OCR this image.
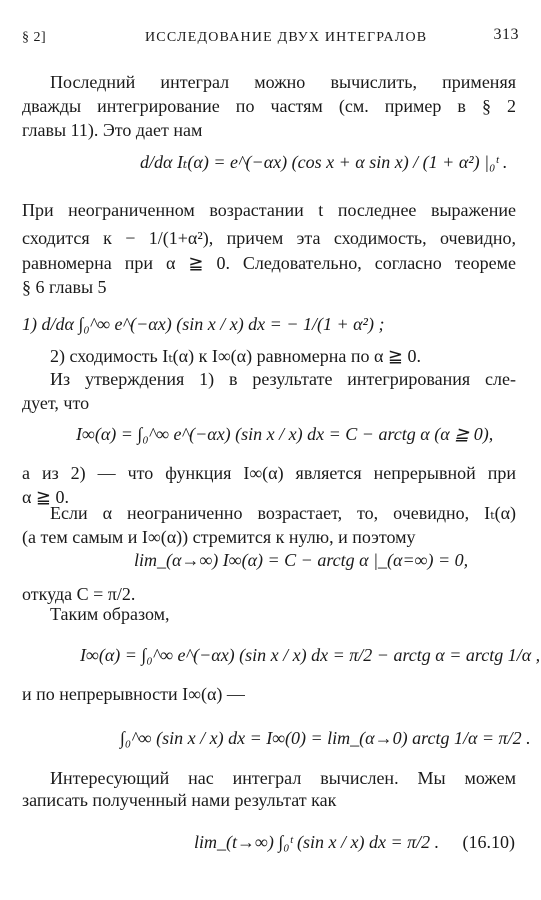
§ 2]	ИССЛЕДОВАНИЕ ДВУХ ИНТЕГРАЛОВ	313
Последний интеграл можно вычислить, применяя
дважды интегрирование по частям (см. пример в § 2
главы 11). Это дает нам
d/dα Iₜ(α) = e^(−αx) (cos x + α sin x) / (1 + α²) |₀ᵗ .
При неограниченном возрастании t последнее выражение
сходится к − 1/(1+α²), причем эта сходимость, очевидно,
равномерна при α ≧ 0. Следовательно, согласно теореме
§ 6 главы 5
1) d/dα ∫₀^∞ e^(−αx) (sin x / x) dx = − 1/(1 + α²) ;
2) сходимость Iₜ(α) к I∞(α) равномерна по α ≧ 0.
Из утверждения 1) в результате интегрирования сле-
дует, что
I∞(α) = ∫₀^∞ e^(−αx) (sin x / x) dx = C − arctg α (α ≧ 0),
а из 2) — что функция I∞(α) является непрерывной при
α ≧ 0.
Если α неограниченно возрастает, то, очевидно, Iₜ(α)
(а тем самым и I∞(α)) стремится к нулю, и поэтому
lim_(α→∞) I∞(α) = C − arctg α |_(α=∞) = 0,
откуда C = π/2.
Таким образом,
I∞(α) = ∫₀^∞ e^(−αx) (sin x / x) dx = π/2 − arctg α = arctg 1/α ,
и по непрерывности I∞(α) —
∫₀^∞ (sin x / x) dx = I∞(0) = lim_(α→0) arctg 1/α = π/2 .
Интересующий нас интеграл вычислен. Мы можем
записать полученный нами результат как
lim_(t→∞) ∫₀ᵗ (sin x / x) dx = π/2 . (16.10)
